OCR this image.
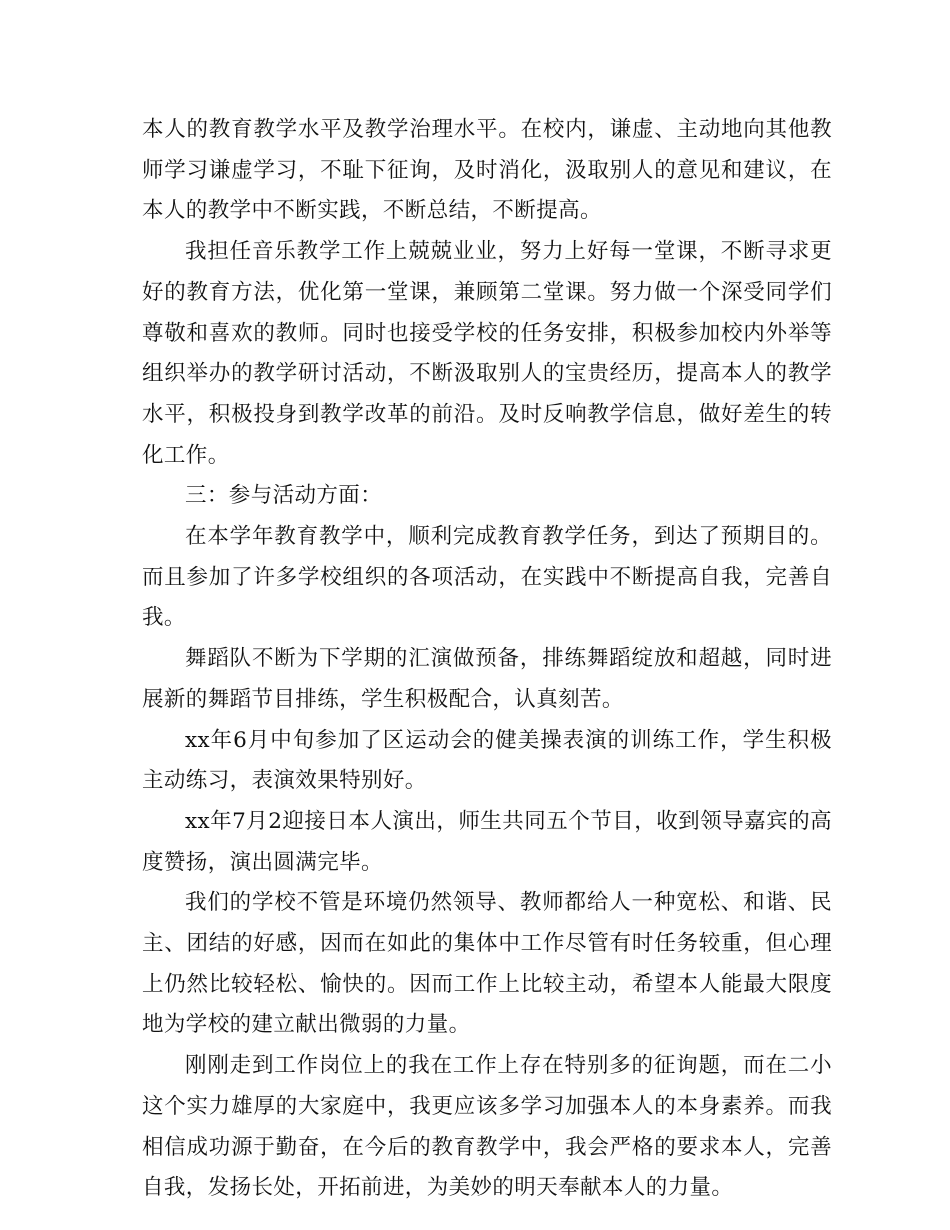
本人的教育教学水平及教学治理水平。在校内，谦虚、主动地向其他教师学习谦虚学习，不耻下征询，及时消化，汲取别人的意见和建议，在本人的教学中不断实践，不断总结，不断提高。

我担任音乐教学工作上兢兢业业，努力上好每一堂课，不断寻求更好的教育方法，优化第一堂课，兼顾第二堂课。努力做一个深受同学们尊敬和喜欢的教师。同时也接受学校的任务安排，积极参加校内外举等组织举办的教学研讨活动，不断汲取别人的宝贵经历，提高本人的教学水平，积极投身到教学改革的前沿。及时反响教学信息，做好差生的转化工作。

三：参与活动方面：

在本学年教育教学中，顺利完成教育教学任务，到达了预期目的。而且参加了许多学校组织的各项活动，在实践中不断提高自我，完善自我。

舞蹈队不断为下学期的汇演做预备，排练舞蹈绽放和超越，同时进展新的舞蹈节目排练，学生积极配合，认真刻苦。

xx年6月中旬参加了区运动会的健美操表演的训练工作，学生积极主动练习，表演效果特别好。

xx年7月2迎接日本人演出，师生共同五个节目，收到领导嘉宾的高度赞扬，演出圆满完毕。

我们的学校不管是环境仍然领导、教师都给人一种宽松、和谐、民主、团结的好感，因而在如此的集体中工作尽管有时任务较重，但心理上仍然比较轻松、愉快的。因而工作上比较主动，希望本人能最大限度地为学校的建立献出微弱的力量。

刚刚走到工作岗位上的我在工作上存在特别多的征询题，而在二小这个实力雄厚的大家庭中，我更应该多学习加强本人的本身素养。而我相信成功源于勤奋，在今后的教育教学中，我会严格的要求本人，完善自我，发扬长处，开拓前进，为美妙的明天奉献本人的力量。
